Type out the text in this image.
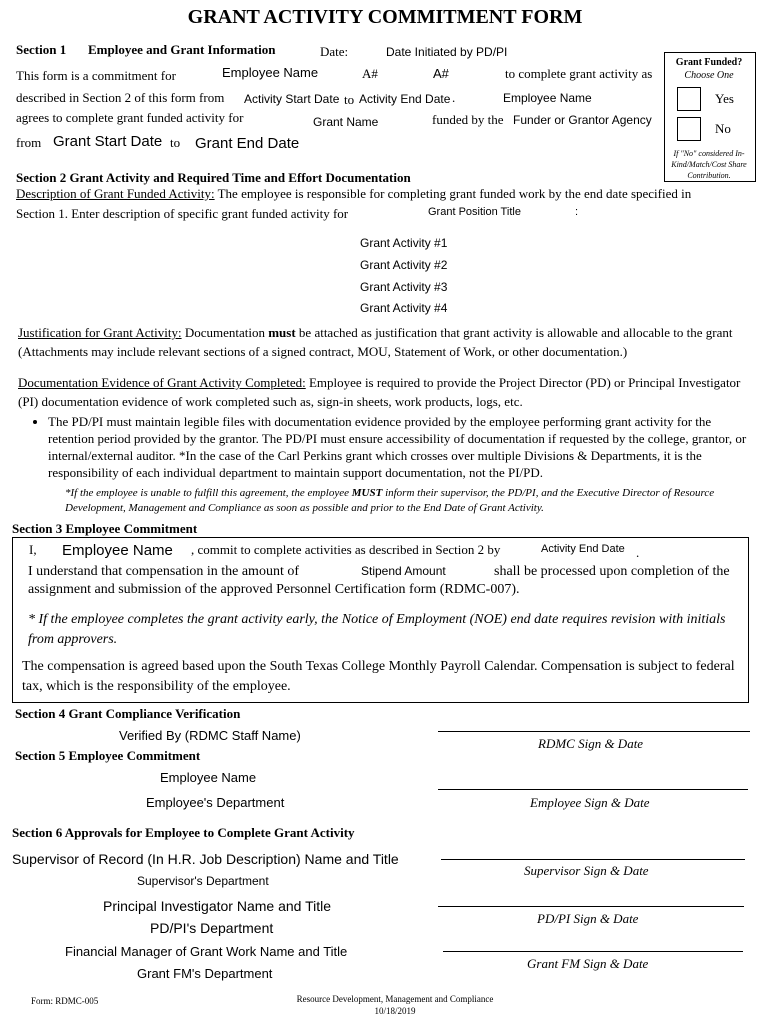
GRANT ACTIVITY COMMITMENT FORM
Section 1 Employee and Grant Information	Date:	Date Initiated by PD/PI
This form is a commitment for	Employee Name	A#	A#	to complete grant activity as
described in Section 2 of this form from Activity Start Date to Activity End Date .	Employee Name
agrees to complete grant funded activity for	Grant Name	funded by the Funder or Grantor Agency
from Grant Start Date to Grant End Date
Grant Funded?
Choose One
Yes
No
If "No" considered In-Kind/Match/Cost Share Contribution.
Section 2 Grant Activity and Required Time and Effort Documentation
Description of Grant Funded Activity: The employee is responsible for completing grant funded work by the end date specified in
Section 1. Enter description of specific grant funded activity for	Grant Position Title	:
Grant Activity #1
Grant Activity #2
Grant Activity #3
Grant Activity #4
Justification for Grant Activity: Documentation must be attached as justification that grant activity is allowable and allocable to the grant (Attachments may include relevant sections of a signed contract, MOU, Statement of Work, or other documentation.)
Documentation Evidence of Grant Activity Completed: Employee is required to provide the Project Director (PD) or Principal Investigator (PI) documentation evidence of work completed such as, sign-in sheets, work products, logs, etc.
• The PD/PI must maintain legible files with documentation evidence provided by the employee performing grant activity for the retention period provided by the grantor. The PD/PI must ensure accessibility of documentation if requested by the college, grantor, or internal/external auditor. *In the case of the Carl Perkins grant which crosses over multiple Divisions & Departments, it is the responsibility of each individual department to maintain support documentation, not the PI/PD.
*If the employee is unable to fulfill this agreement, the employee MUST inform their supervisor, the PD/PI, and the Executive Director of Resource Development, Management and Compliance as soon as possible and prior to the End Date of Grant Activity.
Section 3 Employee Commitment
I, Employee Name , commit to complete activities as described in Section 2 by	Activity End Date .
I understand that compensation in the amount of	Stipend Amount	shall be processed upon completion of the
assignment and submission of the approved Personnel Certification form (RDMC-007).
* If the employee completes the grant activity early, the Notice of Employment (NOE) end date requires revision with initials from approvers.
The compensation is agreed based upon the South Texas College Monthly Payroll Calendar. Compensation is subject to federal tax, which is the responsibility of the employee.
Section 4 Grant Compliance Verification
Verified By (RDMC Staff Name)
RDMC Sign & Date
Section 5 Employee Commitment
Employee Name
Employee's Department	Employee Sign & Date
Section 6 Approvals for Employee to Complete Grant Activity
Supervisor of Record (In H.R. Job Description) Name and Title
Supervisor's Department
Supervisor Sign & Date
Principal Investigator Name and Title
PD/PI's Department
PD/PI Sign & Date
Financial Manager of Grant Work Name and Title
Grant FM's Department
Grant FM Sign & Date
Form: RDMC-005	Resource Development, Management and Compliance
10/18/2019
